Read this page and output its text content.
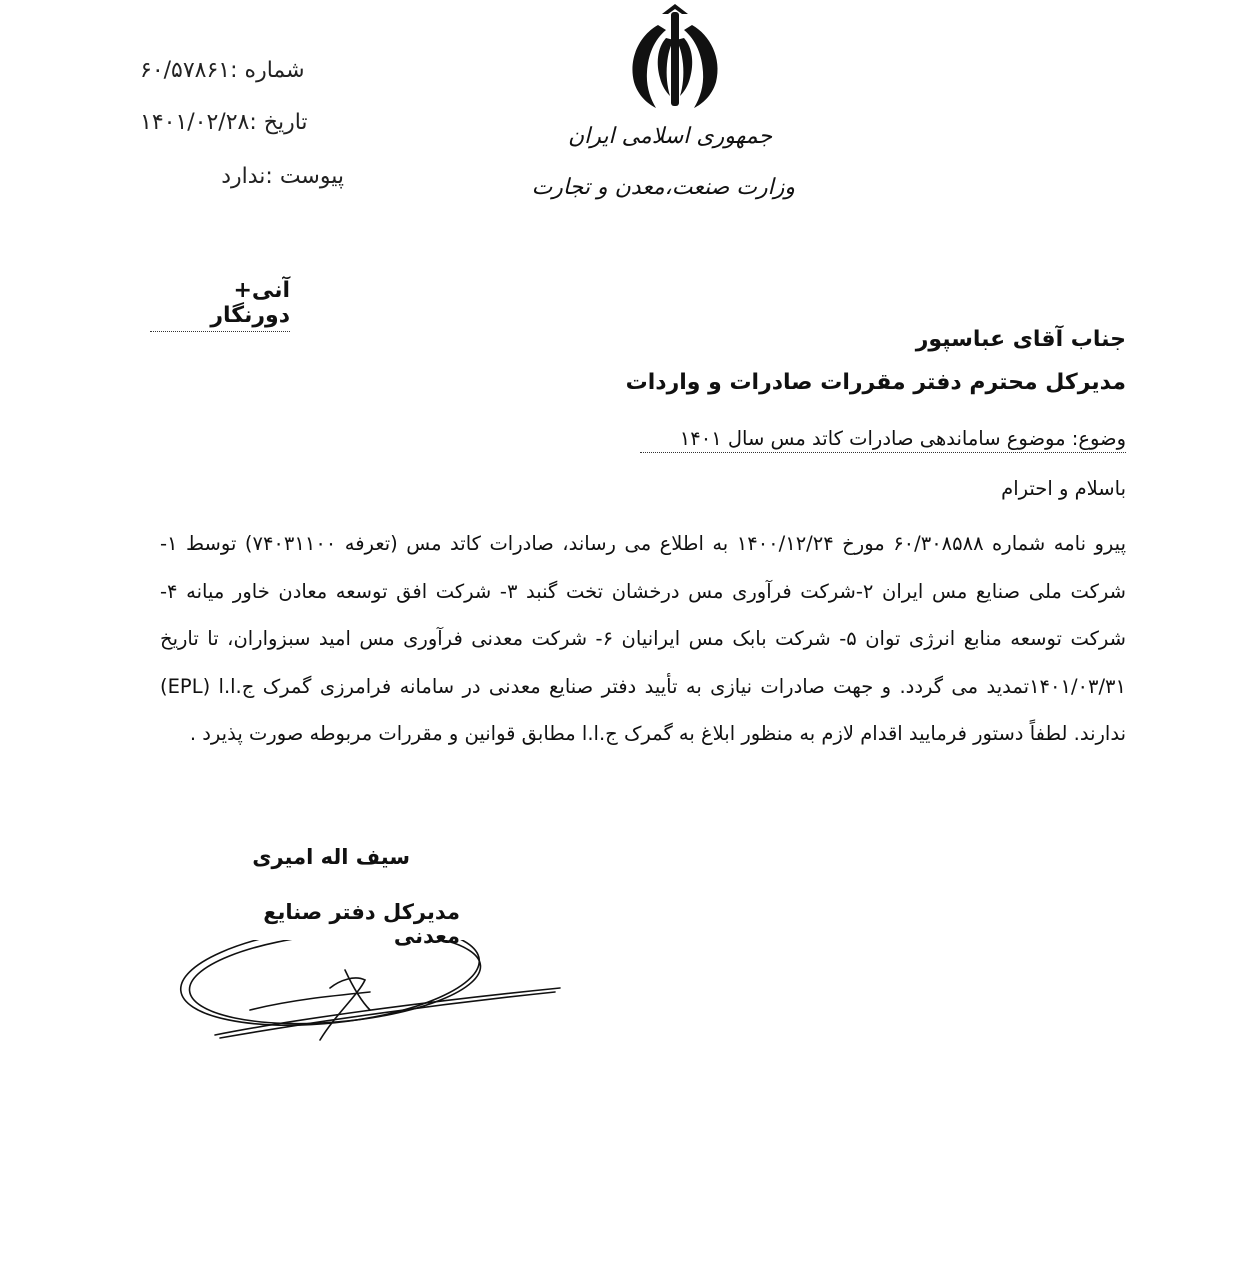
شماره :۶۰/۵۷۸۶۱
تاریخ :۱۴۰۱/۰۲/۲۸
پیوست :ندارد
جمهوری اسلامی ایران
وزارت صنعت،معدن و تجارت
آنی+ دورنگار
جناب آقای عباسپور
مدیرکل محترم دفتر مقررات صادرات و واردات
وضوع: موضوع ساماندهی صادرات کاتد مس سال ۱۴۰۱
باسلام و احترام
پیرو نامه شماره ۶۰/۳۰۸۵۸۸ مورخ ۱۴۰۰/۱۲/۲۴ به اطلاع می رساند، صادرات کاتد مس (تعرفه ۷۴۰۳۱۱۰۰) توسط ۱- شرکت ملی صنایع مس ایران ۲-شرکت فرآوری مس درخشان تخت گنبد ۳- شرکت افق توسعه معادن خاور میانه ۴- شرکت توسعه منابع انرژی توان ۵- شرکت بابک مس ایرانیان ۶- شرکت معدنی فرآوری مس امید سبزواران، تا تاریخ ۱۴۰۱/۰۳/۳۱تمدید می گردد. و جهت صادرات نیازی به تأیید دفتر صنایع معدنی در سامانه فرامرزی گمرک ج.ا.ا (EPL) ندارند. لطفاً دستور فرمایید اقدام لازم به منظور ابلاغ به گمرک ج.ا.ا مطابق قوانین و مقررات مربوطه صورت پذیرد .
سیف اله امیری
مدیرکل دفتر صنایع معدنی
